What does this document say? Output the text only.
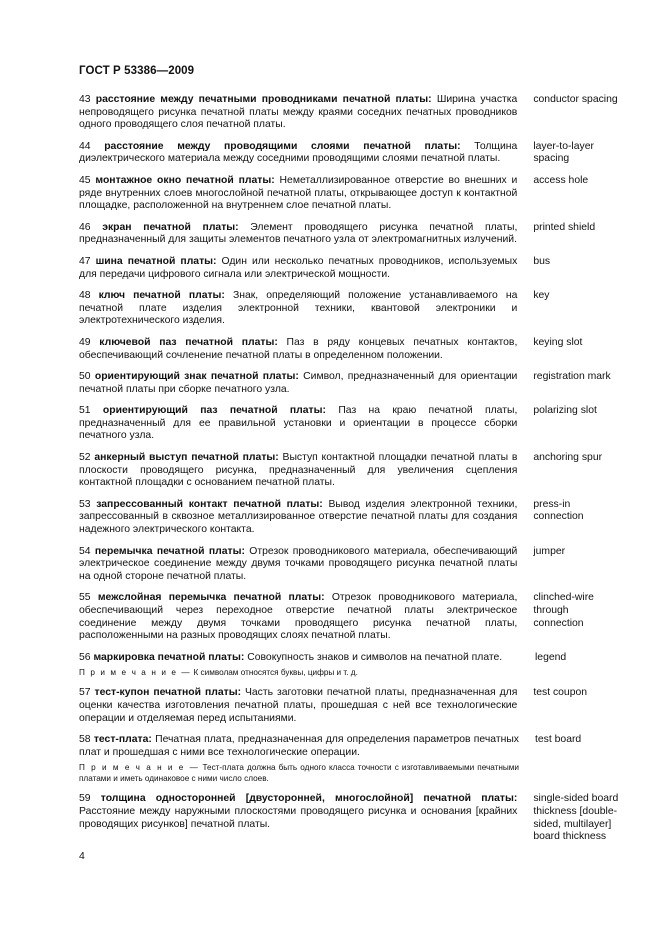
ГОСТ Р 53386—2009
43 расстояние между печатными проводниками печатной платы: Ширина участка непроводящего рисунка печатной платы между краями соседних печатных проводников одного проводящего слоя печатной платы.
conductor spacing
44 расстояние между проводящими слоями печатной платы: Толщина диэлектрического материала между соседними проводящими слоями печатной платы.
layer-to-layer spacing
45 монтажное окно печатной платы: Неметаллизированное отверстие во внешних и ряде внутренних слоев многослойной печатной платы, открывающее доступ к контактной площадке, расположенной на внутреннем слое печатной платы.
access hole
46 экран печатной платы: Элемент проводящего рисунка печатной платы, предназначенный для защиты элементов печатного узла от электромагнитных излучений.
printed shield
47 шина печатной платы: Один или несколько печатных проводников, используемых для передачи цифрового сигнала или электрической мощности.
bus
48 ключ печатной платы: Знак, определяющий положение устанавливаемого на печатной плате изделия электронной техники, квантовой электроники и электротехнического изделия.
key
49 ключевой паз печатной платы: Паз в ряду концевых печатных контактов, обеспечивающий сочленение печатной платы в определенном положении.
keying slot
50 ориентирующий знак печатной платы: Символ, предназначенный для ориентации печатной платы при сборке печатного узла.
registration mark
51 ориентирующий паз печатной платы: Паз на краю печатной платы, предназначенный для ее правильной установки и ориентации в процессе сборки печатного узла.
polarizing slot
52 анкерный выступ печатной платы: Выступ контактной площадки печатной платы в плоскости проводящего рисунка, предназначенный для увеличения сцепления контактной площадки с основанием печатной платы.
anchoring spur
53 запрессованный контакт печатной платы: Вывод изделия электронной техники, запрессованный в сквозное металлизированное отверстие печатной платы для создания надежного электрического контакта.
press-in connection
54 перемычка печатной платы: Отрезок проводникового материала, обеспечивающий электрическое соединение между двумя точками проводящего рисунка печатной платы на одной стороне печатной платы.
jumper
55 межслойная перемычка печатной платы: Отрезок проводникового материала, обеспечивающий через переходное отверстие печатной платы электрическое соединение между двумя точками проводящего рисунка печатной платы, расположенными на разных проводящих слоях печатной платы.
clinched-wire through connection
56 маркировка печатной платы: Совокупность знаков и символов на печатной плате.
П р и м е ч а н и е — К символам относятся буквы, цифры и т. д.
legend
57 тест-купон печатной платы: Часть заготовки печатной платы, предназначенная для оценки качества изготовления печатной платы, прошедшая с ней все технологические операции и отделяемая перед испытаниями.
test coupon
58 тест-плата: Печатная плата, предназначенная для определения параметров печатных плат и прошедшая с ними все технологические операции.
П р и м е ч а н и е — Тест-плата должна быть одного класса точности с изготавливаемыми печатными платами и иметь одинаковое с ними число слоев.
test board
59 толщина односторонней [двусторонней, многослойной] печатной платы: Расстояние между наружными плоскостями проводящего рисунка и основания [крайних проводящих рисунков] печатной платы.
single-sided board thickness [double-sided, multilayer] board thickness
4
